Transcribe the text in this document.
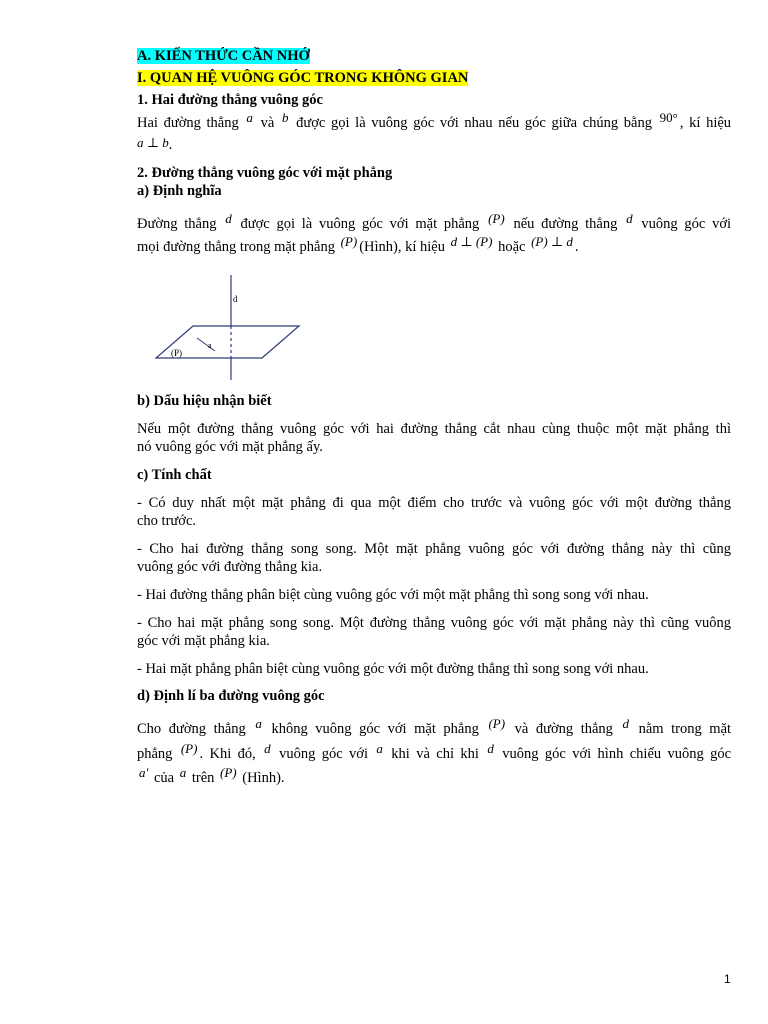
A. KIẾN THỨC CẦN NHỚ
I. QUAN HỆ VUÔNG GÓC TRONG KHÔNG GIAN
1. Hai đường thẳng vuông góc
Hai đường thẳng a và b được gọi là vuông góc với nhau nếu góc giữa chúng bằng 90° , kí hiệu
a ⊥ b.
2. Đường thẳng vuông góc với mặt phẳng
a) Định nghĩa
Đường thẳng d được gọi là vuông góc với mặt phẳng (P) nếu đường thẳng d vuông góc với
mọi đường thẳng trong mặt phẳng (P) (Hình), kí hiệu d ⊥ (P) hoặc (P) ⊥ d .
d
a
(P)
b) Dấu hiệu nhận biết
Nếu một đường thẳng vuông góc với hai đường thẳng cắt nhau cùng thuộc một mặt phẳng thì
nó vuông góc với mặt phẳng ấy.
c) Tính chất
- Có duy nhất một mặt phẳng đi qua một điểm cho trước và vuông góc với một đường thẳng
cho trước.
- Cho hai đường thẳng song song. Một mặt phẳng vuông góc với đường thẳng này thì cũng
vuông góc với đường thẳng kia.
- Hai đường thẳng phân biệt cùng vuông góc với một mặt phẳng thì song song với nhau.
- Cho hai mặt phẳng song song. Một đường thẳng vuông góc với mặt phẳng này thì cũng vuông
góc với mặt phẳng kia.
- Hai mặt phẳng phân biệt cùng vuông góc với một đường thẳng thì song song với nhau.
d) Định lí ba đường vuông góc
Cho đường thẳng a không vuông góc với mặt phẳng (P) và đường thẳng d nằm trong mặt
phẳng (P) . Khi đó, d vuông góc với a khi và chỉ khi d vuông góc với hình chiếu vuông góc
a′ của a trên (P) (Hình).
1
